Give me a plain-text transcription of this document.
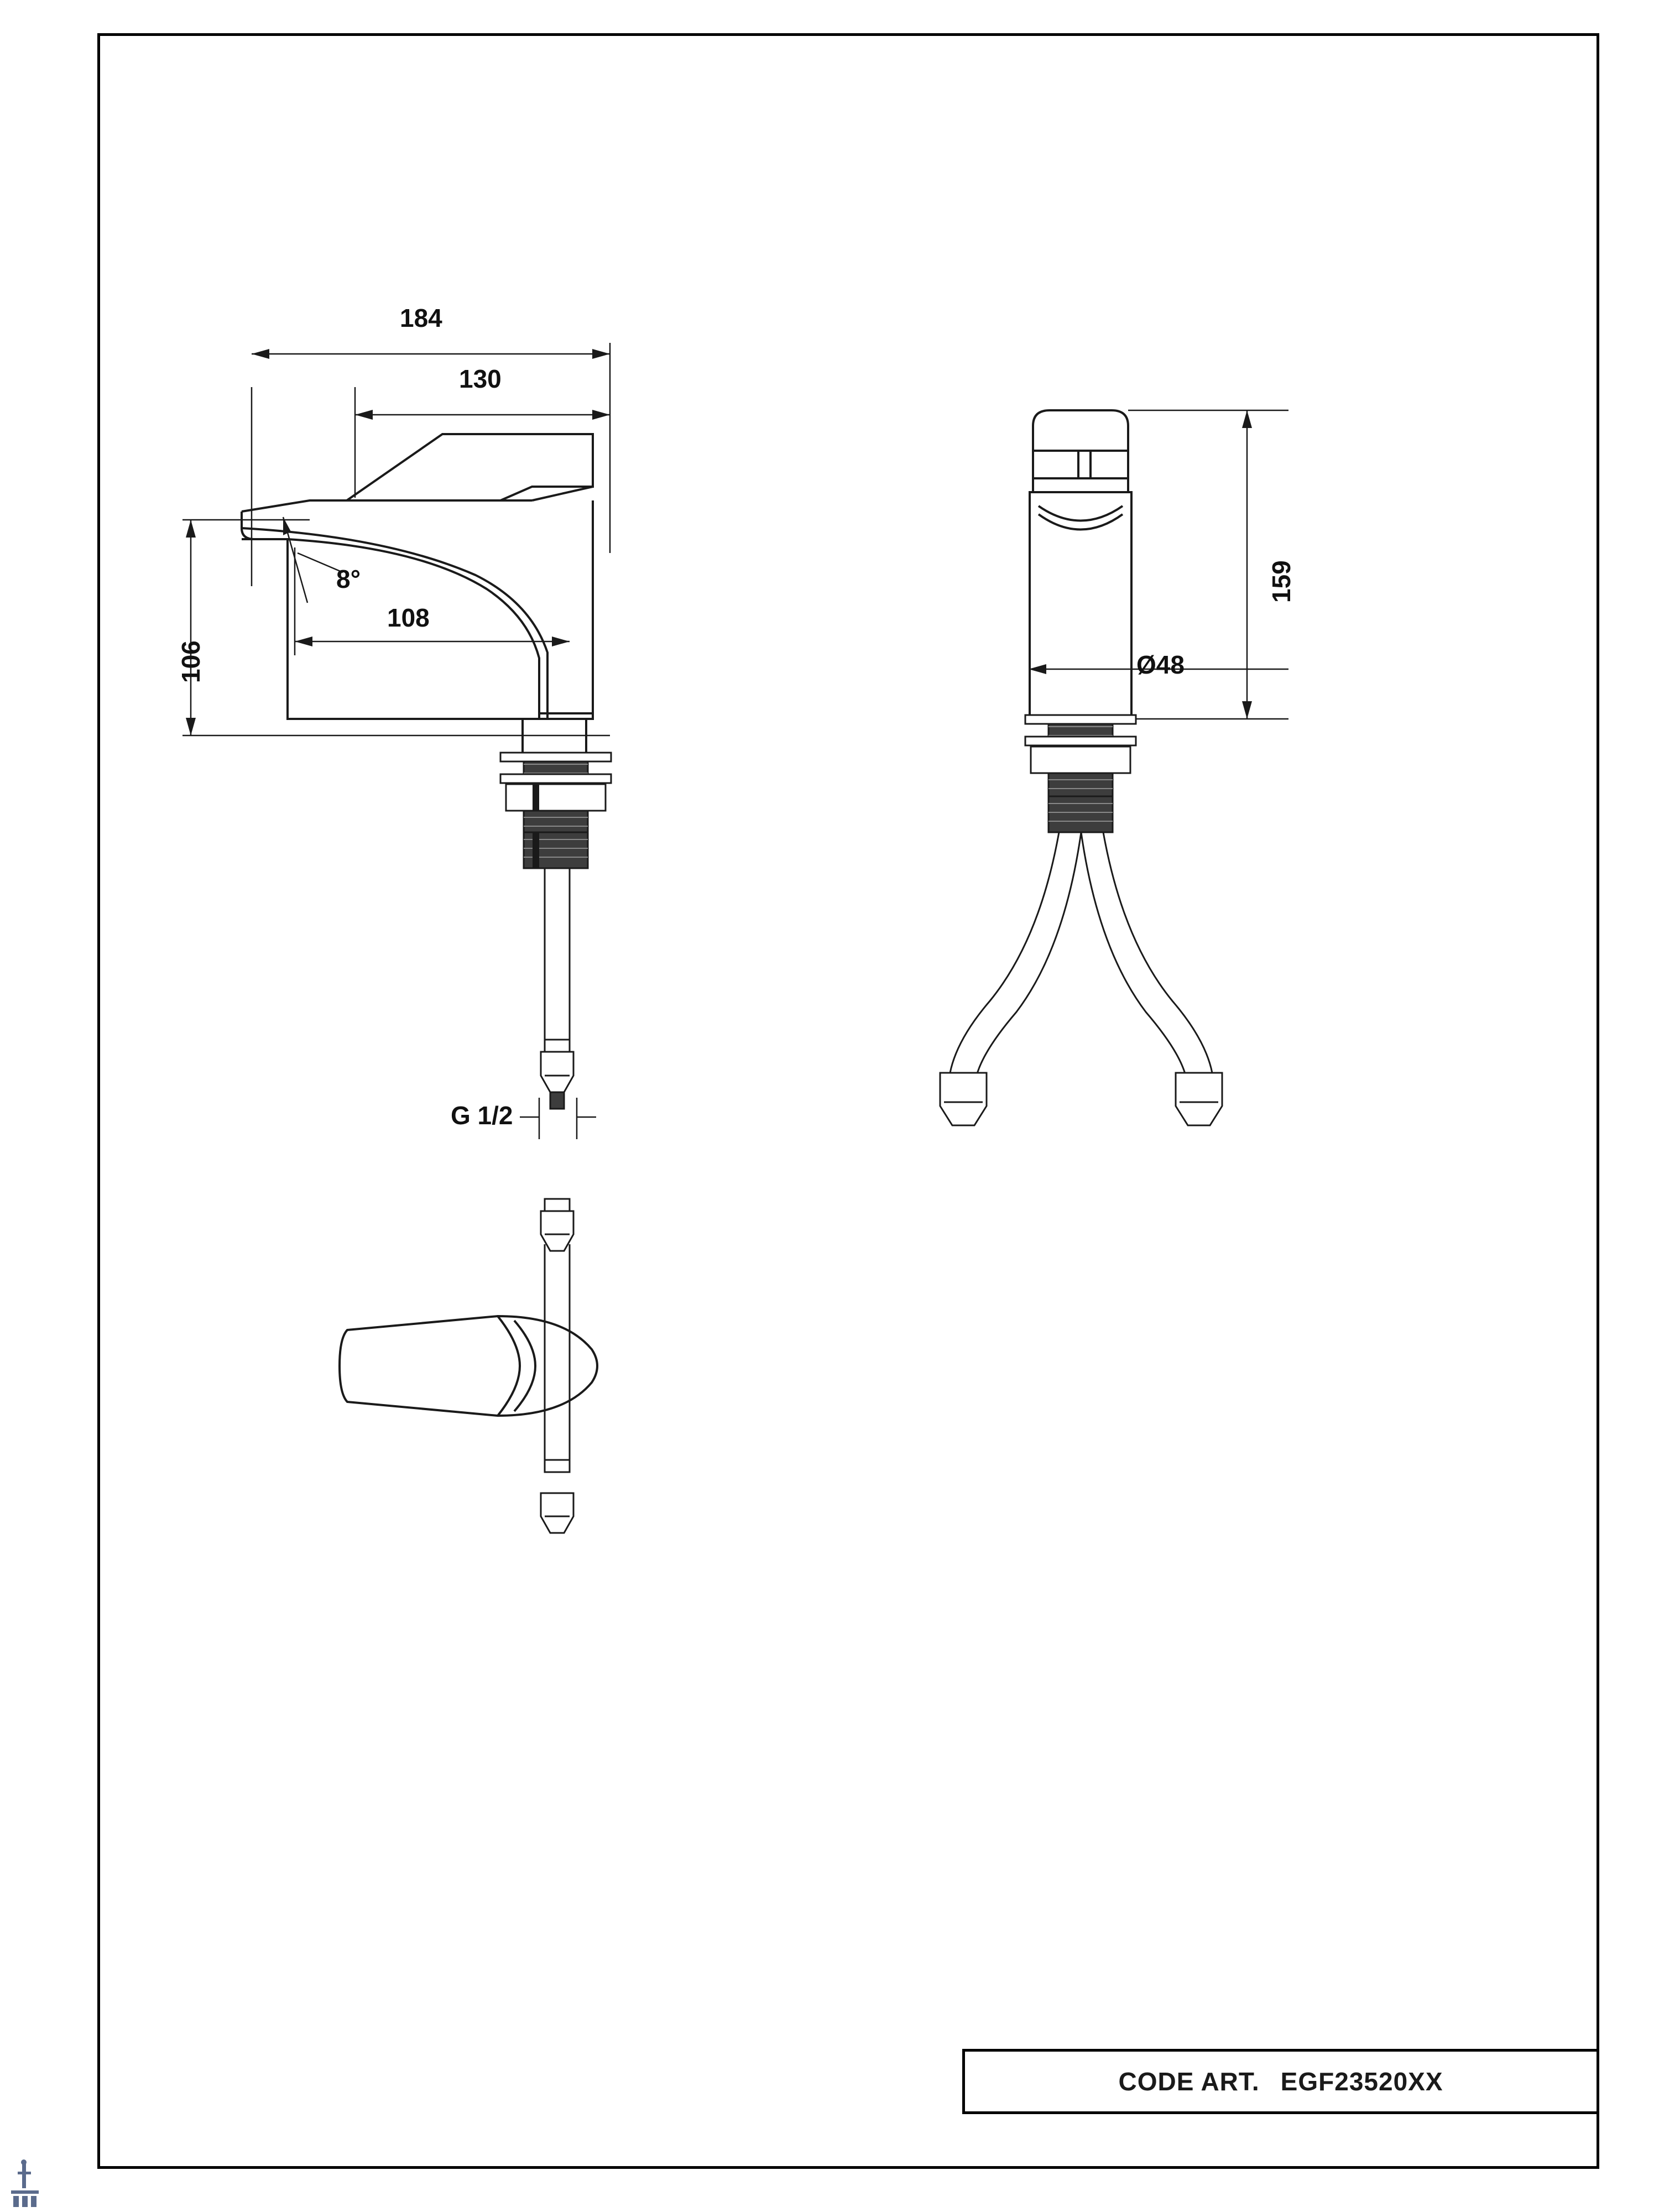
184
130
106
108
8°
G 1/2
159
Ø48
CODE ART. EGF23520XX
